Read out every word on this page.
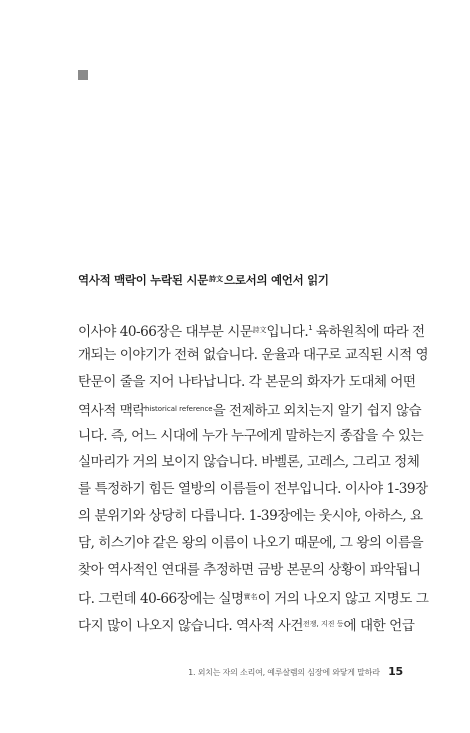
역사적 맥락이 누락된 시문$^{詩文}$으로서의 예언서 읽기
이사야 40-66장은 대부분 시문$^{詩文}$입니다.$^1$ 육하원칙에 따라 전
개되는 이야기가 전혀 없습니다. 운율과 대구로 교직된 시적 영
탄문이 줄을 지어 나타납니다. 각 본문의 화자가 도대체 어떤
역사적 맥락$^{historical reference}$을 전제하고 외치는지 알기 쉽지 않습
니다. 즉, 어느 시대에 누가 누구에게 말하는지 종잡을 수 있는
실마리가 거의 보이지 않습니다. 바벨론, 고레스, 그리고 정체
를 특정하기 힘든 열방의 이름들이 전부입니다. 이사야 1-39장
의 분위기와 상당히 다릅니다. 1-39장에는 웃시야, 아하스, 요
담, 히스기야 같은 왕의 이름이 나오기 때문에, 그 왕의 이름을
찾아 역사적인 연대를 추정하면 금방 본문의 상황이 파악됩니
다. 그런데 40-66장에는 실명$^{實名}$이 거의 나오지 않고 지명도 그
다지 많이 나오지 않습니다. 역사적 사건$^{전쟁, 지진 등}$에 대한 언급
1. 외치는 자의 소리여, 예루살렘의 심장에 와닿게 말하라 15
